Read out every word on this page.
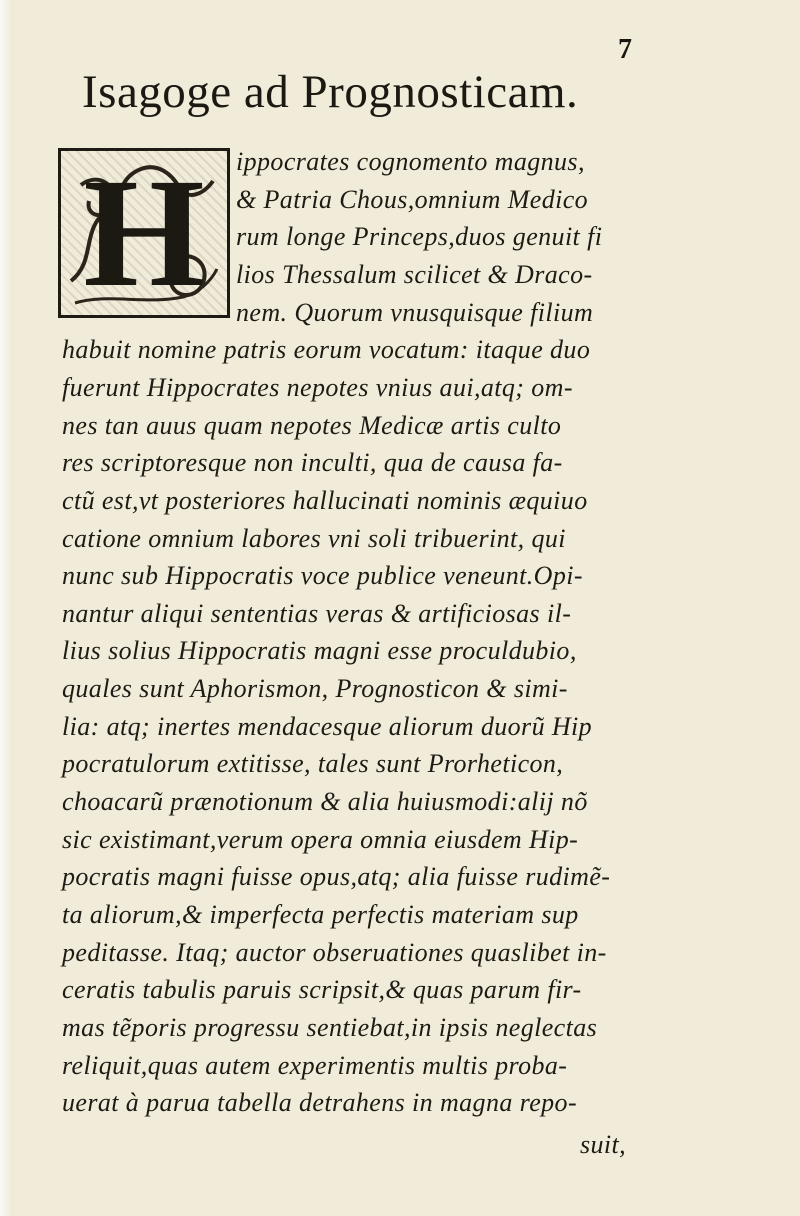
7
Isagoge ad Prognosticam.
H	ippocrates cognomento magnus,
& Patria Chous,omnium Medico
rum longe Princeps,duos genuit fi
lios Thessalum scilicet & Draco-
nem. Quorum vnusquisque filium
habuit nomine patris eorum vocatum: itaque duo
fuerunt Hippocrates nepotes vnius aui,atq; om-
nes tan auus quam nepotes Medicæ artis culto
res scriptoresque non inculti, qua de causa fa-
ctũ est,vt posteriores hallucinati nominis æquiuo
catione omnium labores vni soli tribuerint, qui
nunc sub Hippocratis voce publice veneunt.Opi-
nantur aliqui sententias veras & artificiosas il-
lius solius Hippocratis magni esse proculdubio,
quales sunt Aphorismon, Prognosticon & simi-
lia: atq; inertes mendacesque aliorum duorũ Hip
pocratulorum extitisse, tales sunt Prorheticon,
choacarũ prænotionum & alia huiusmodi:alij nõ
sic existimant,verum opera omnia eiusdem Hip-
pocratis magni fuisse opus,atq; alia fuisse rudimẽ-
ta aliorum,& imperfecta perfectis materiam sup
peditasse. Itaq; auctor obseruationes quaslibet in-
ceratis tabulis paruis scripsit,& quas parum fir-
mas tẽporis progressu sentiebat,in ipsis neglectas
reliquit,quas autem experimentis multis proba-
uerat à parua tabella detrahens in magna repo-
suit,
